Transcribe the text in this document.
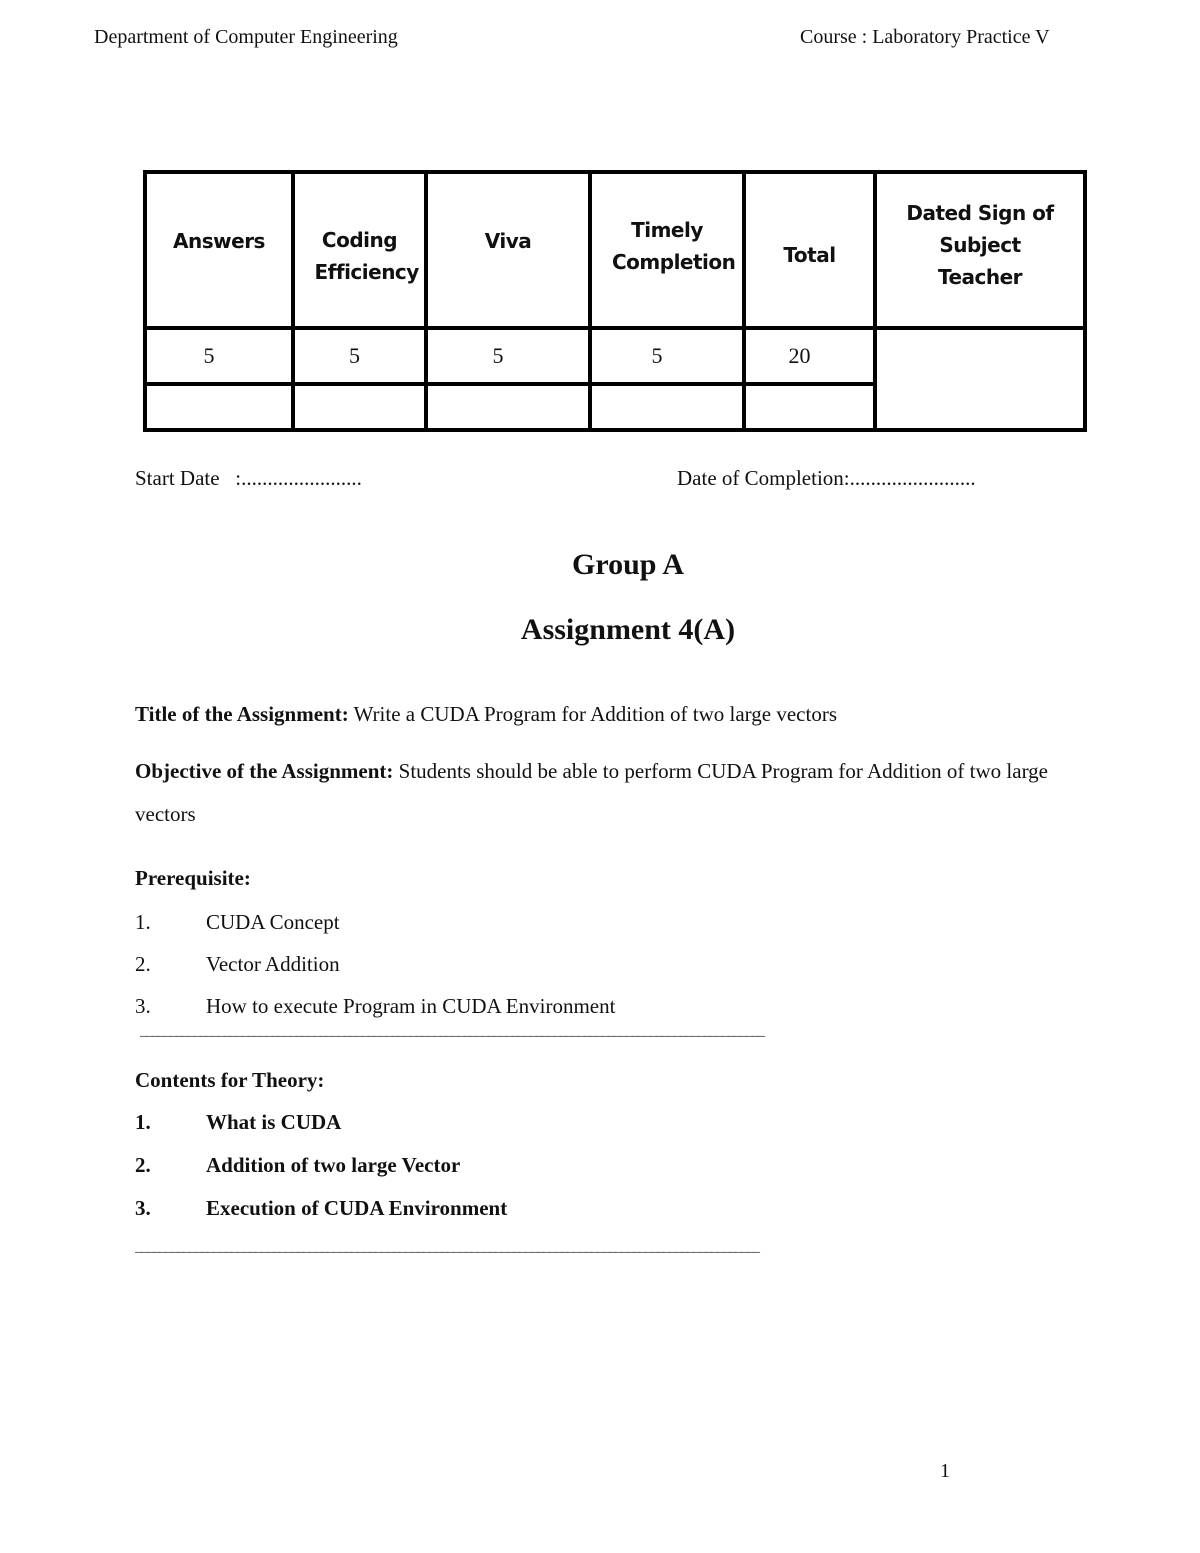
Department of Computer Engineering	Course : Laboratory Practice V
Answers	Coding Efficiency	Viva	Timely Completion	Total	Dated Sign of Subject Teacher
5	5	5	5	20	

Start Date   :.......................	Date of Completion:........................
Group A
Assignment 4(A)
Title of the Assignment: Write a CUDA Program for Addition of two large vectors
Objective of the Assignment: Students should be able to perform CUDA Program for Addition of two large vectors
Prerequisite:
1.	CUDA Concept
2.	Vector Addition
3.	How to execute Program in CUDA Environment
________________________________________________________________________________________________________
Contents for Theory:
1.	What is CUDA
2.	Addition of two large Vector
3.	Execution of CUDA Environment
________________________________________________________________________________________________________
1
